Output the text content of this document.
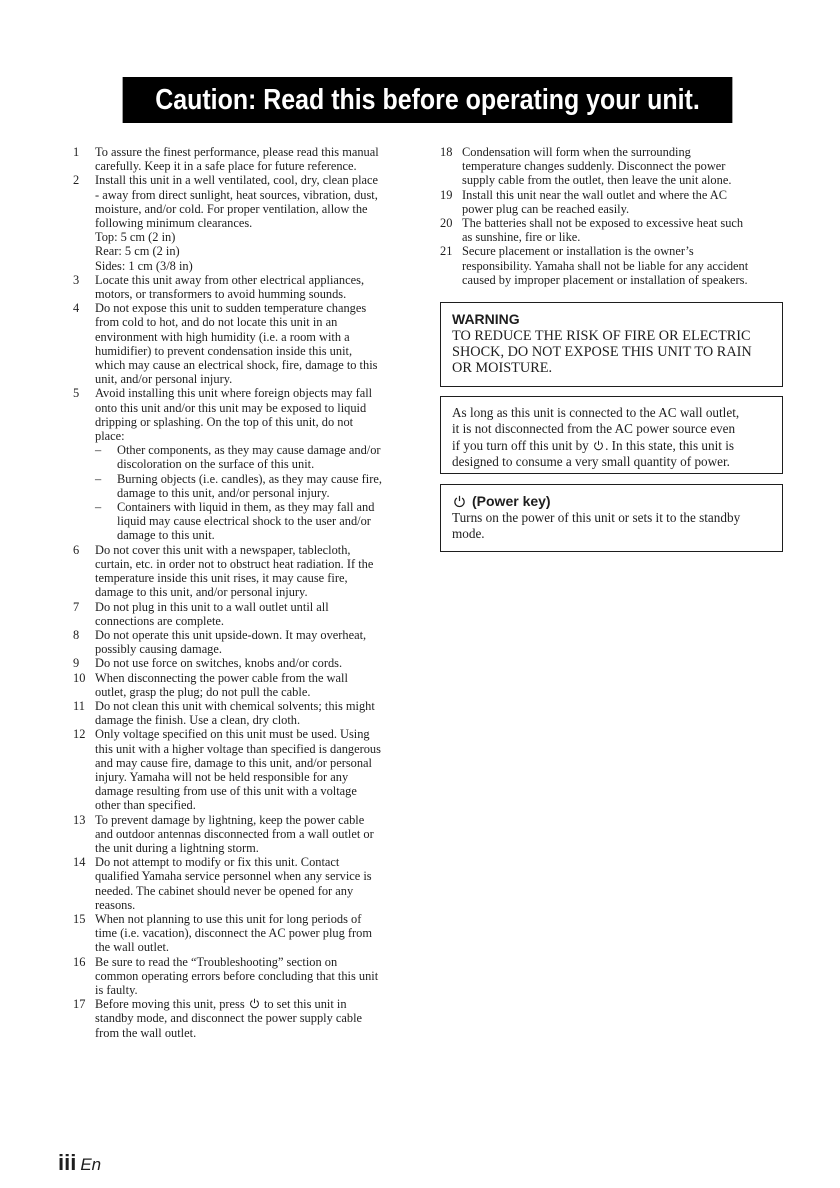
Caution: Read this before operating your unit.
1	To assure the finest performance, please read this manual
carefully. Keep it in a safe place for future reference.
2	Install this unit in a well ventilated, cool, dry, clean place
- away from direct sunlight, heat sources, vibration, dust,
moisture, and/or cold. For proper ventilation, allow the
following minimum clearances.
Top: 5 cm (2 in)
Rear: 5 cm (2 in)
Sides: 1 cm (3/8 in)
3	Locate this unit away from other electrical appliances,
motors, or transformers to avoid humming sounds.
4	Do not expose this unit to sudden temperature changes
from cold to hot, and do not locate this unit in an
environment with high humidity (i.e. a room with a
humidifier) to prevent condensation inside this unit,
which may cause an electrical shock, fire, damage to this
unit, and/or personal injury.
5	Avoid installing this unit where foreign objects may fall
onto this unit and/or this unit may be exposed to liquid
dripping or splashing. On the top of this unit, do not
place:
–	Other components, as they may cause damage and/or
discoloration on the surface of this unit.
–	Burning objects (i.e. candles), as they may cause fire,
damage to this unit, and/or personal injury.
–	Containers with liquid in them, as they may fall and
liquid may cause electrical shock to the user and/or
damage to this unit.
6	Do not cover this unit with a newspaper, tablecloth,
curtain, etc. in order not to obstruct heat radiation. If the
temperature inside this unit rises, it may cause fire,
damage to this unit, and/or personal injury.
7	Do not plug in this unit to a wall outlet until all
connections are complete.
8	Do not operate this unit upside-down. It may overheat,
possibly causing damage.
9	Do not use force on switches, knobs and/or cords.
10 When disconnecting the power cable from the wall
outlet, grasp the plug; do not pull the cable.
11 Do not clean this unit with chemical solvents; this might
damage the finish. Use a clean, dry cloth.
12 Only voltage specified on this unit must be used. Using
this unit with a higher voltage than specified is dangerous
and may cause fire, damage to this unit, and/or personal
injury. Yamaha will not be held responsible for any
damage resulting from use of this unit with a voltage
other than specified.
13 To prevent damage by lightning, keep the power cable
and outdoor antennas disconnected from a wall outlet or
the unit during a lightning storm.
14 Do not attempt to modify or fix this unit. Contact
qualified Yamaha service personnel when any service is
needed. The cabinet should never be opened for any
reasons.
15 When not planning to use this unit for long periods of
time (i.e. vacation), disconnect the AC power plug from
the wall outlet.
16 Be sure to read the “Troubleshooting” section on
common operating errors before concluding that this unit
is faulty.
17 Before moving this unit, press to set this unit in
standby mode, and disconnect the power supply cable
from the wall outlet.
18 Condensation will form when the surrounding
temperature changes suddenly. Disconnect the power
supply cable from the outlet, then leave the unit alone.
19 Install this unit near the wall outlet and where the AC
power plug can be reached easily.
20 The batteries shall not be exposed to excessive heat such
as sunshine, fire or like.
21 Secure placement or installation is the owner’s
responsibility. Yamaha shall not be liable for any accident
caused by improper placement or installation of speakers.
WARNING
TO REDUCE THE RISK OF FIRE OR ELECTRIC
SHOCK, DO NOT EXPOSE THIS UNIT TO RAIN
OR MOISTURE.
As long as this unit is connected to the AC wall outlet,
it is not disconnected from the AC power source even
if you turn off this unit by . In this state, this unit is
designed to consume a very small quantity of power.
(Power key)
Turns on the power of this unit or sets it to the standby
mode.
iii En
